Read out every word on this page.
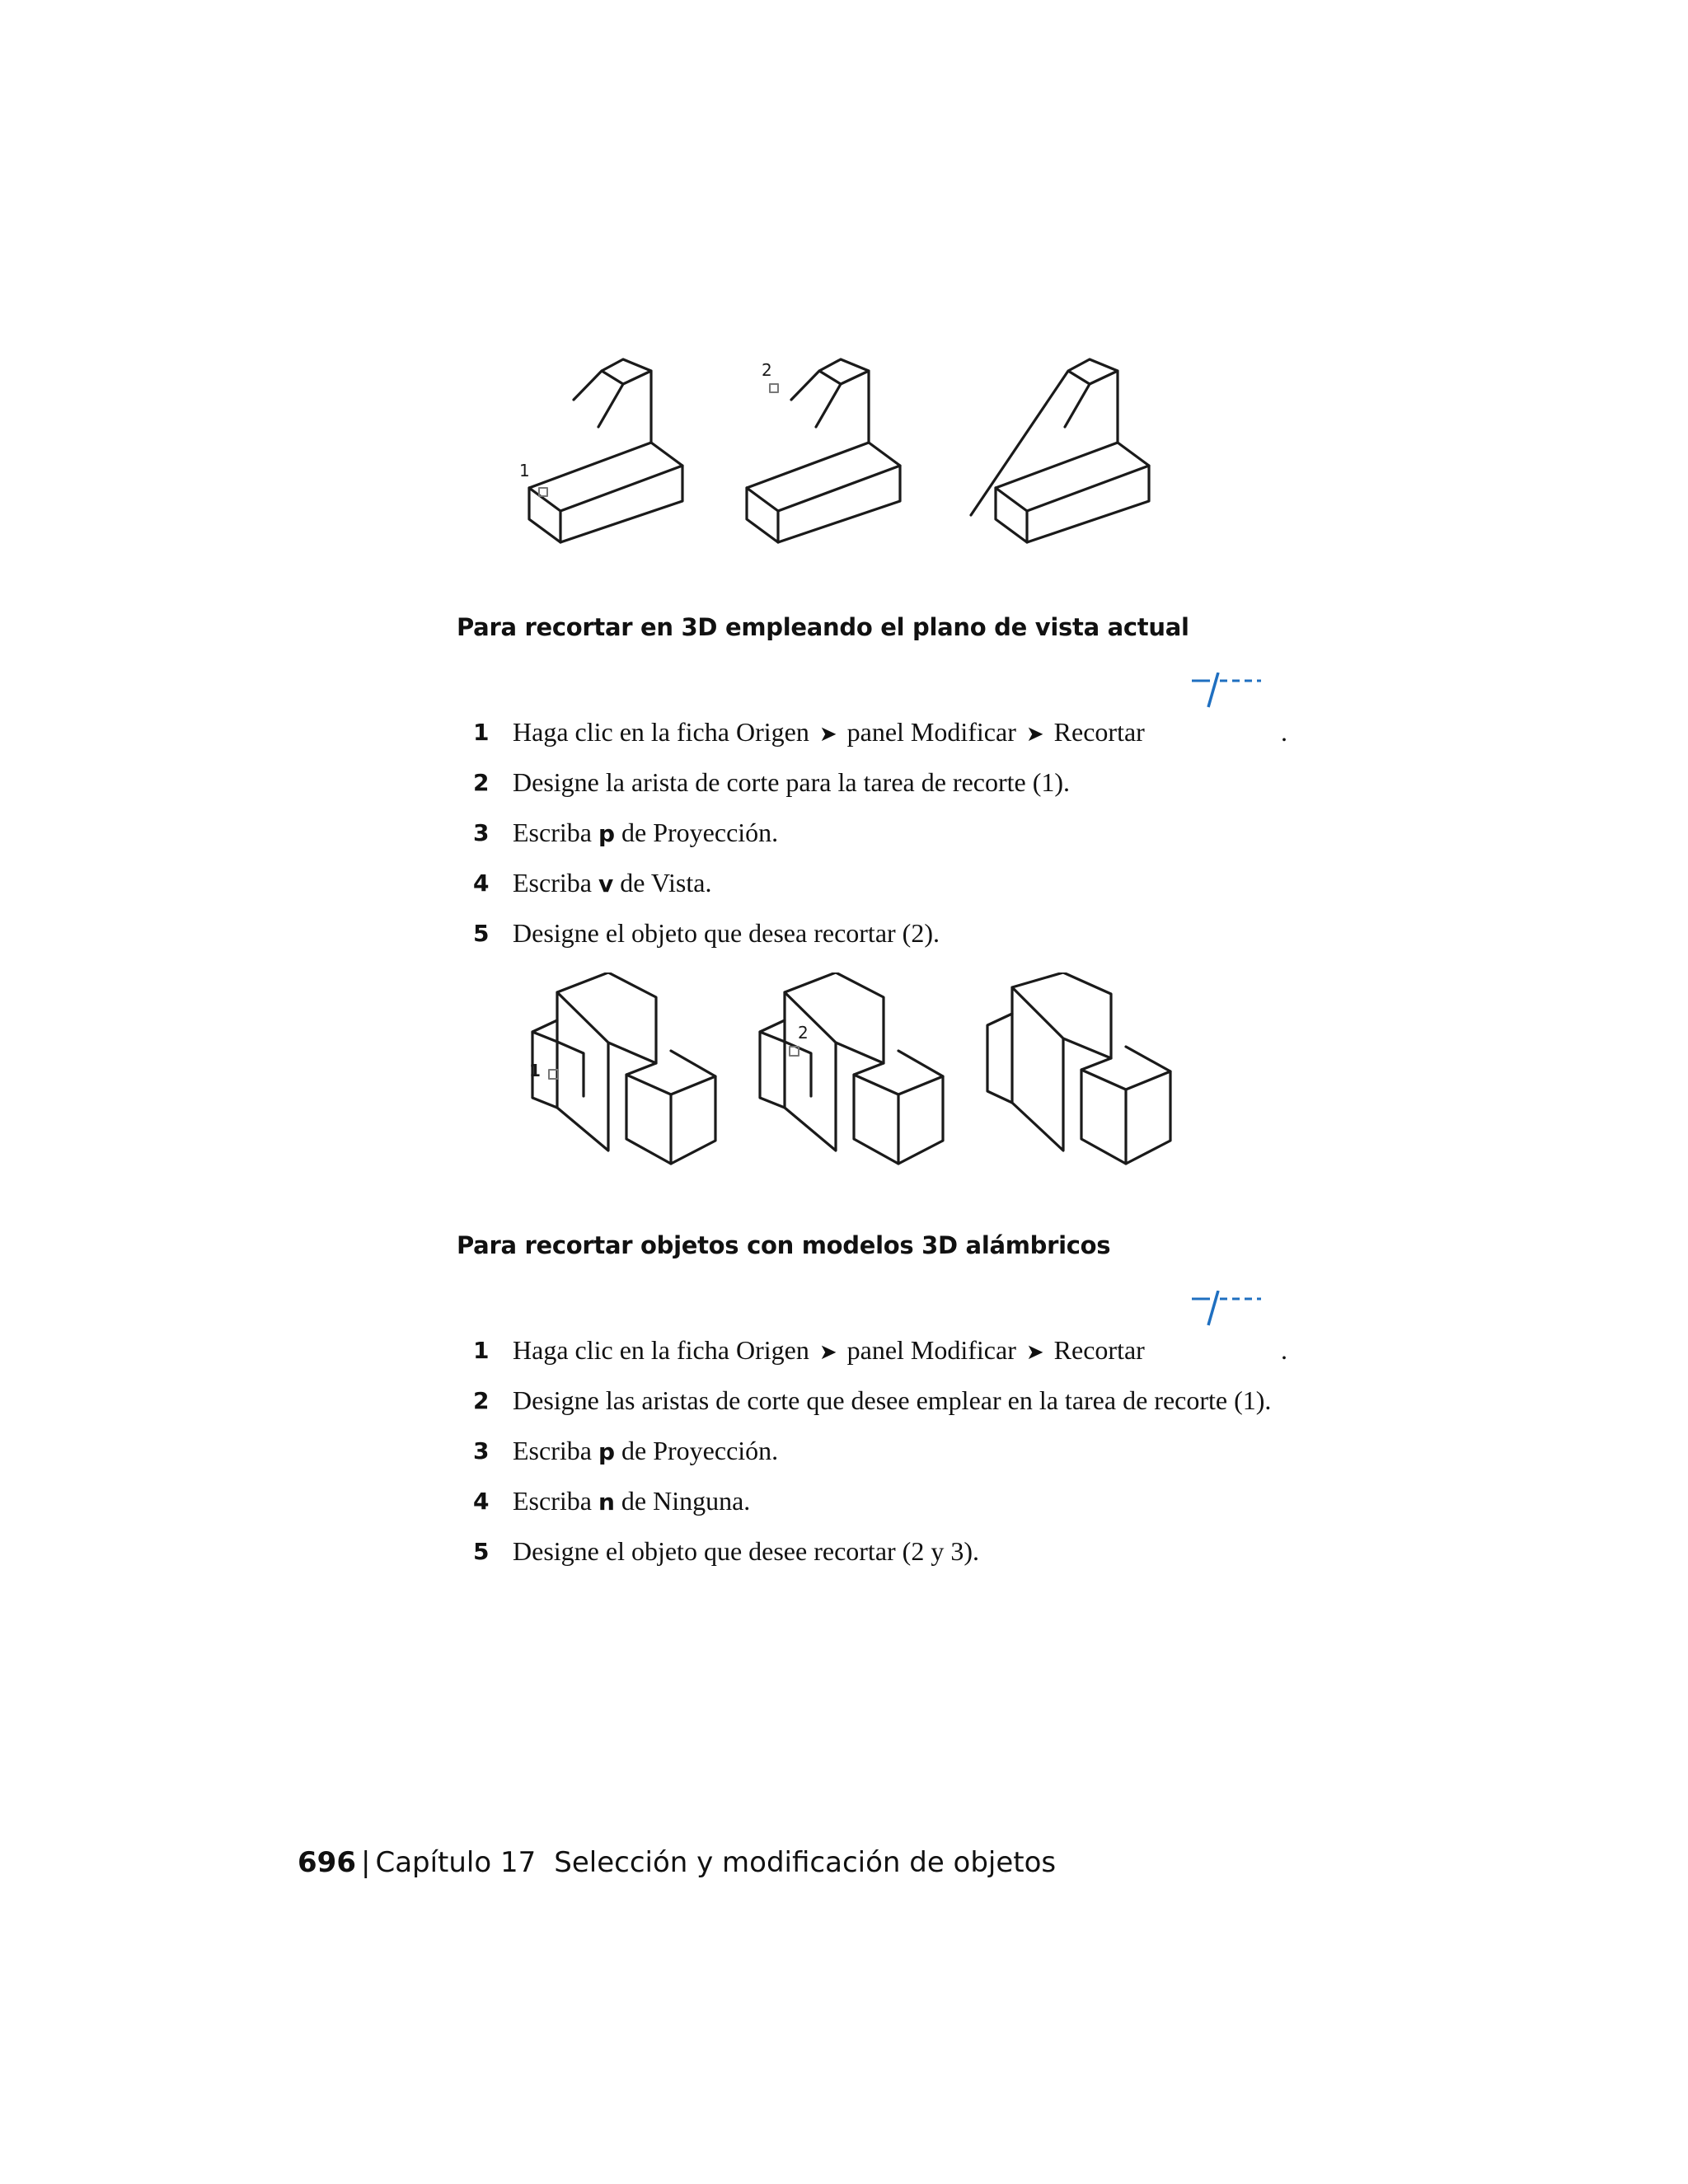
1
2
Para recortar en 3D empleando el plano de vista actual
1 Haga clic en la ficha Origen ➤ panel Modificar ➤ Recortar	.
2 Designe la arista de corte para la tarea de recorte (1).
3 Escriba p de Proyección.
4 Escriba v de Vista.
5 Designe el objeto que desea recortar (2).
1
2
Para recortar objetos con modelos 3D alámbricos
1 Haga clic en la ficha Origen ➤ panel Modificar ➤ Recortar	.
2 Designe las aristas de corte que desee emplear en la tarea de recorte (1).
3 Escriba p de Proyección.
4 Escriba n de Ninguna.
5 Designe el objeto que desee recortar (2 y 3).
696 | Capítulo 17 Selección y modificación de objetos
